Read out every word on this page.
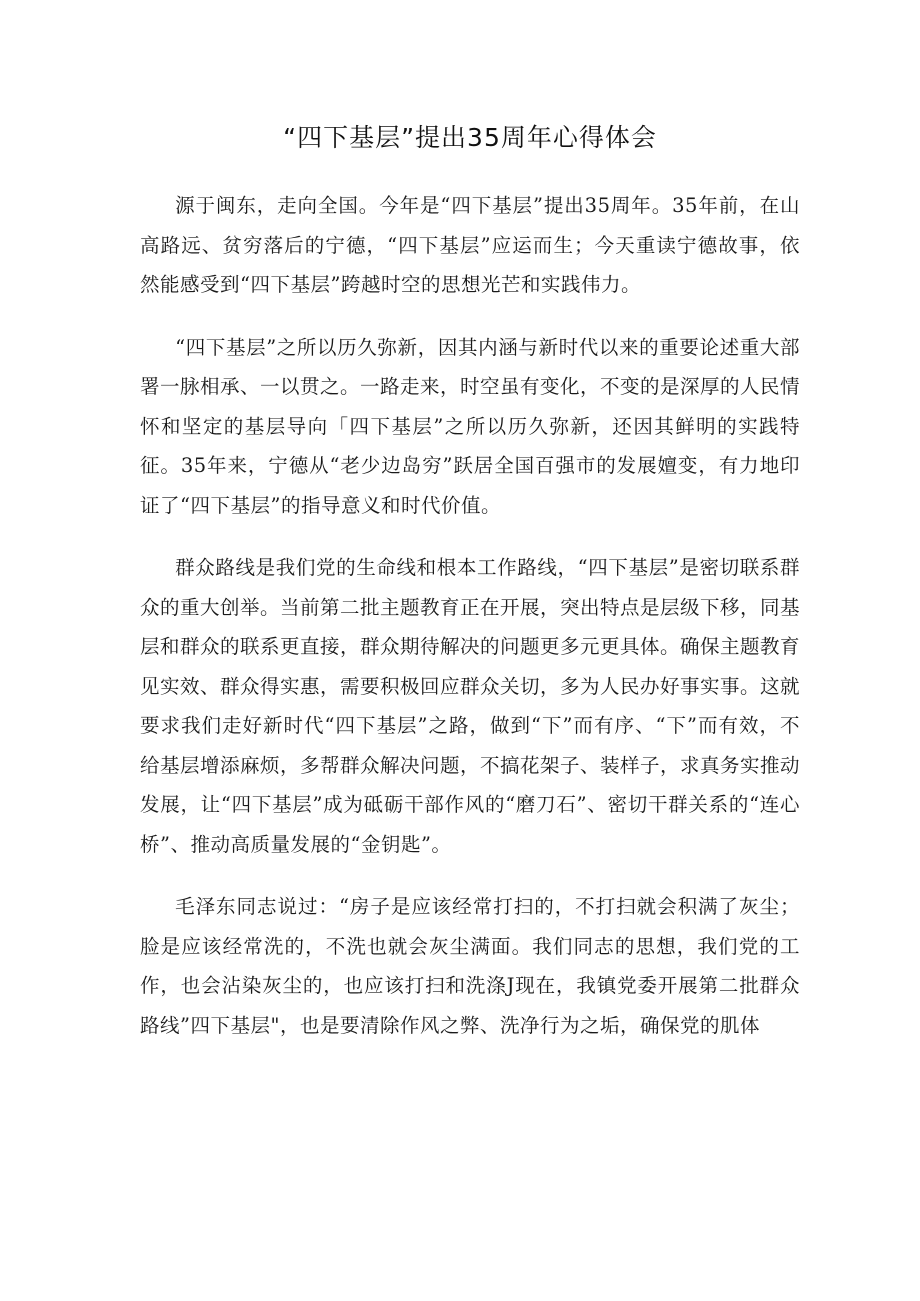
“四下基层”提出35周年心得体会

源于闽东，走向全国。今年是“四下基层”提出35周年。35年前，在山高路远、贫穷落后的宁德，“四下基层”应运而生；今天重读宁德故事，依然能感受到“四下基层”跨越时空的思想光芒和实践伟力。

“四下基层”之所以历久弥新，因其内涵与新时代以来的重要论述重大部署一脉相承、一以贯之。一路走来，时空虽有变化，不变的是深厚的人民情怀和坚定的基层导向「四下基层”之所以历久弥新，还因其鲜明的实践特征。35年来，宁德从“老少边岛穷”跃居全国百强市的发展嬗变，有力地印证了“四下基层”的指导意义和时代价值。

群众路线是我们党的生命线和根本工作路线，“四下基层”是密切联系群众的重大创举。当前第二批主题教育正在开展，突出特点是层级下移，同基层和群众的联系更直接，群众期待解决的问题更多元更具体。确保主题教育见实效、群众得实惠，需要积极回应群众关切，多为人民办好事实事。这就要求我们走好新时代“四下基层”之路，做到“下”而有序、“下”而有效，不给基层增添麻烦，多帮群众解决问题，不搞花架子、装样子，求真务实推动发展，让“四下基层”成为砥砺干部作风的“磨刀石”、密切干群关系的“连心桥”、推动高质量发展的“金钥匙”。

毛泽东同志说过：“房子是应该经常打扫的，不打扫就会积满了灰尘；脸是应该经常洗的，不洗也就会灰尘满面。我们同志的思想，我们党的工作，也会沾染灰尘的，也应该打扫和洗涤J现在，我镇党委开展第二批群众路线”四下基层"，也是要清除作风之弊、洗净行为之垢，确保党的肌体
